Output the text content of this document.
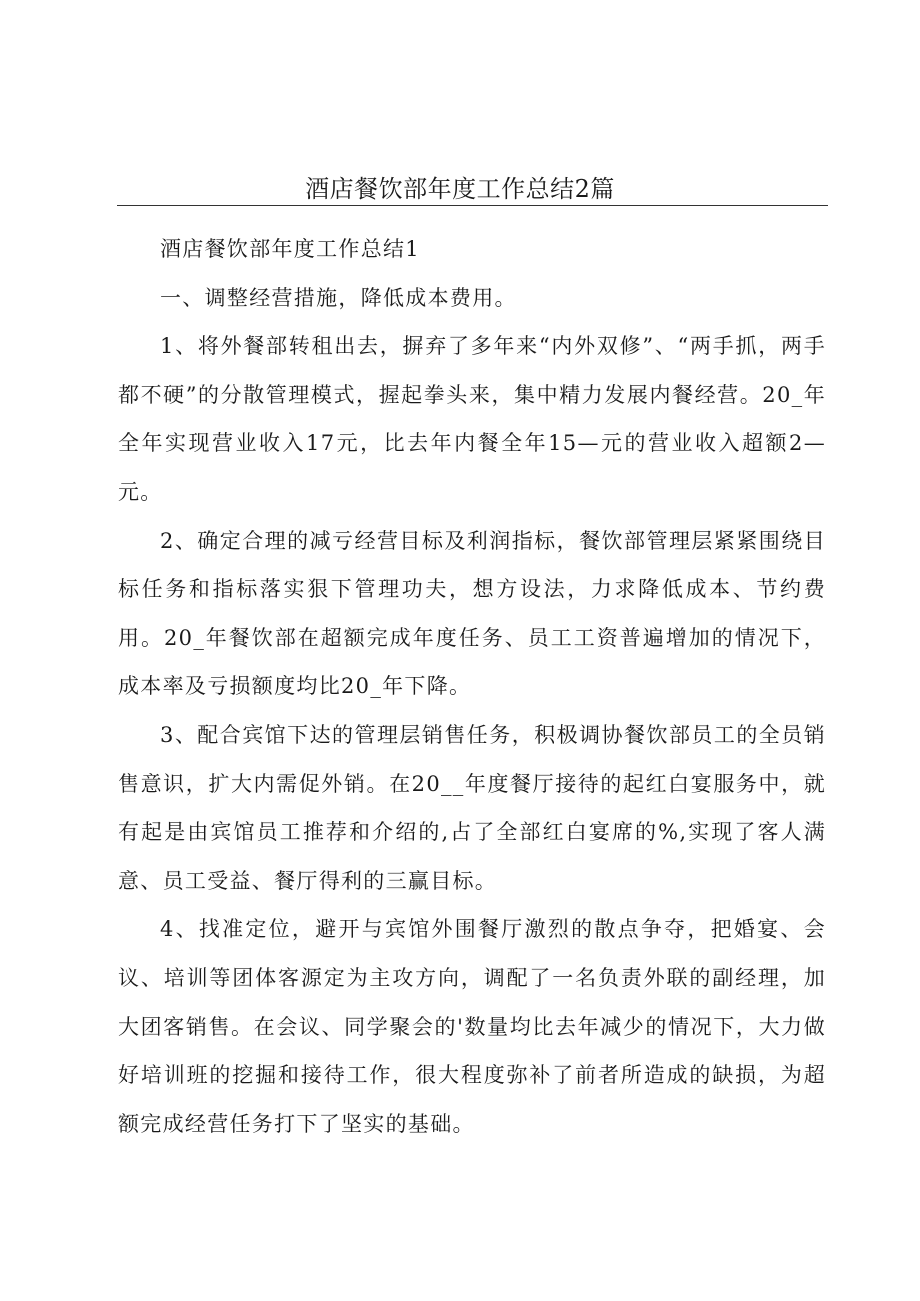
酒店餐饮部年度工作总结2篇

酒店餐饮部年度工作总结1

一、调整经营措施，降低成本费用。

1、将外餐部转租出去，摒弃了多年来“内外双修”、“两手抓，两手都不硬”的分散管理模式，握起拳头来，集中精力发展内餐经营。20_年全年实现营业收入17元，比去年内餐全年15—元的营业收入超额2—元。

2、确定合理的减亏经营目标及利润指标，餐饮部管理层紧紧围绕目标任务和指标落实狠下管理功夫，想方设法，力求降低成本、节约费用。20_年餐饮部在超额完成年度任务、员工工资普遍增加的情况下，成本率及亏损额度均比20_年下降。

3、配合宾馆下达的管理层销售任务，积极调协餐饮部员工的全员销售意识，扩大内需促外销。在20__年度餐厅接待的起红白宴服务中，就有起是由宾馆员工推荐和介绍的,占了全部红白宴席的%,实现了客人满意、员工受益、餐厅得利的三赢目标。

4、找准定位，避开与宾馆外围餐厅激烈的散点争夺，把婚宴、会议、培训等团体客源定为主攻方向，调配了一名负责外联的副经理，加大团客销售。在会议、同学聚会的'数量均比去年减少的情况下，大力做好培训班的挖掘和接待工作，很大程度弥补了前者所造成的缺损，为超额完成经营任务打下了坚实的基础。
